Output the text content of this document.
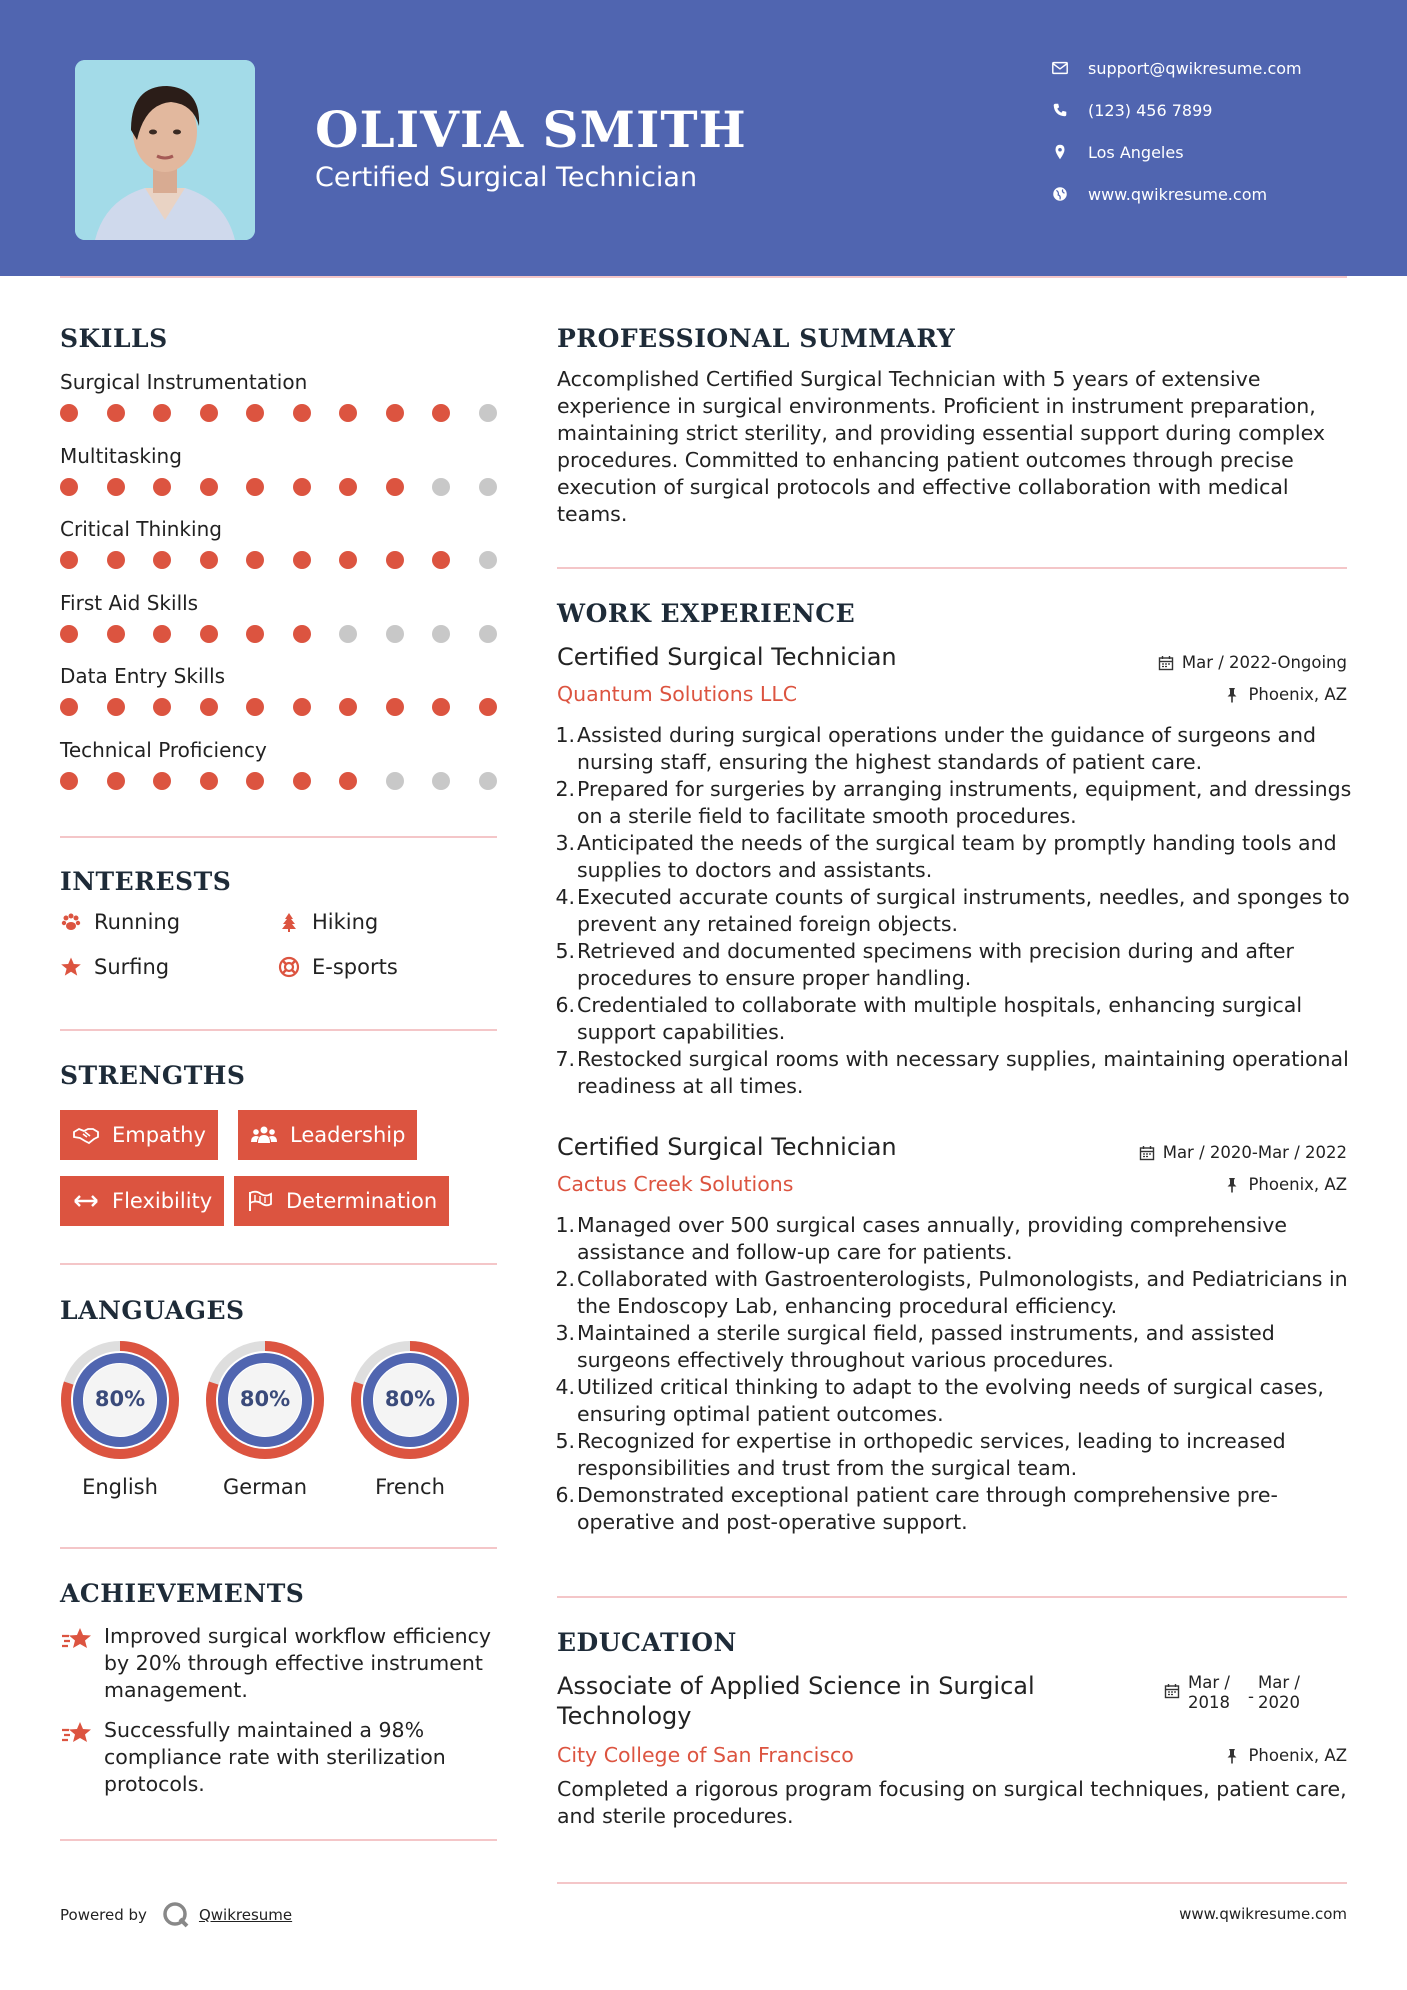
OLIVIA SMITH
Certified Surgical Technician
support@qwikresume.com
(123) 456 7899
Los Angeles
www.qwikresume.com
SKILLS
Surgical Instrumentation
Multitasking
Critical Thinking
First Aid Skills
Data Entry Skills
Technical Proficiency
INTERESTS
Running	Hiking
Surfing	E-sports
STRENGTHS
Empathy	Leadership
Flexibility	Determination
LANGUAGES
80%
English
80%
German
80%
French
ACHIEVEMENTS
Improved surgical workflow efficiency by 20% through effective instrument management.
Successfully maintained a 98% compliance rate with sterilization protocols.
PROFESSIONAL SUMMARY
Accomplished Certified Surgical Technician with 5 years of extensive experience in surgical environments. Proficient in instrument preparation, maintaining strict sterility, and providing essential support during complex procedures. Committed to enhancing patient outcomes through precise execution of surgical protocols and effective collaboration with medical teams.
WORK EXPERIENCE
Certified Surgical Technician
Quantum Solutions LLC
Mar / 2022-Ongoing
Phoenix, AZ
1. Assisted during surgical operations under the guidance of surgeons and nursing staff, ensuring the highest standards of patient care.
2. Prepared for surgeries by arranging instruments, equipment, and dressings on a sterile field to facilitate smooth procedures.
3. Anticipated the needs of the surgical team by promptly handing tools and supplies to doctors and assistants.
4. Executed accurate counts of surgical instruments, needles, and sponges to prevent any retained foreign objects.
5. Retrieved and documented specimens with precision during and after procedures to ensure proper handling.
6. Credentialed to collaborate with multiple hospitals, enhancing surgical support capabilities.
7. Restocked surgical rooms with necessary supplies, maintaining operational readiness at all times.
Certified Surgical Technician
Cactus Creek Solutions
Mar / 2020-Mar / 2022
Phoenix, AZ
1. Managed over 500 surgical cases annually, providing comprehensive assistance and follow-up care for patients.
2. Collaborated with Gastroenterologists, Pulmonologists, and Pediatricians in the Endoscopy Lab, enhancing procedural efficiency.
3. Maintained a sterile surgical field, passed instruments, and assisted surgeons effectively throughout various procedures.
4. Utilized critical thinking to adapt to the evolving needs of surgical cases, ensuring optimal patient outcomes.
5. Recognized for expertise in orthopedic services, leading to increased responsibilities and trust from the surgical team.
6. Demonstrated exceptional patient care through comprehensive pre-operative and post-operative support.
EDUCATION
Associate of Applied Science in Surgical
Technology
City College of San Francisco
Mar /
2018	-
Mar /
2020
Phoenix, AZ
Completed a rigorous program focusing on surgical techniques, patient care, and sterile procedures.
Powered by	Qwikresume	www.qwikresume.com
